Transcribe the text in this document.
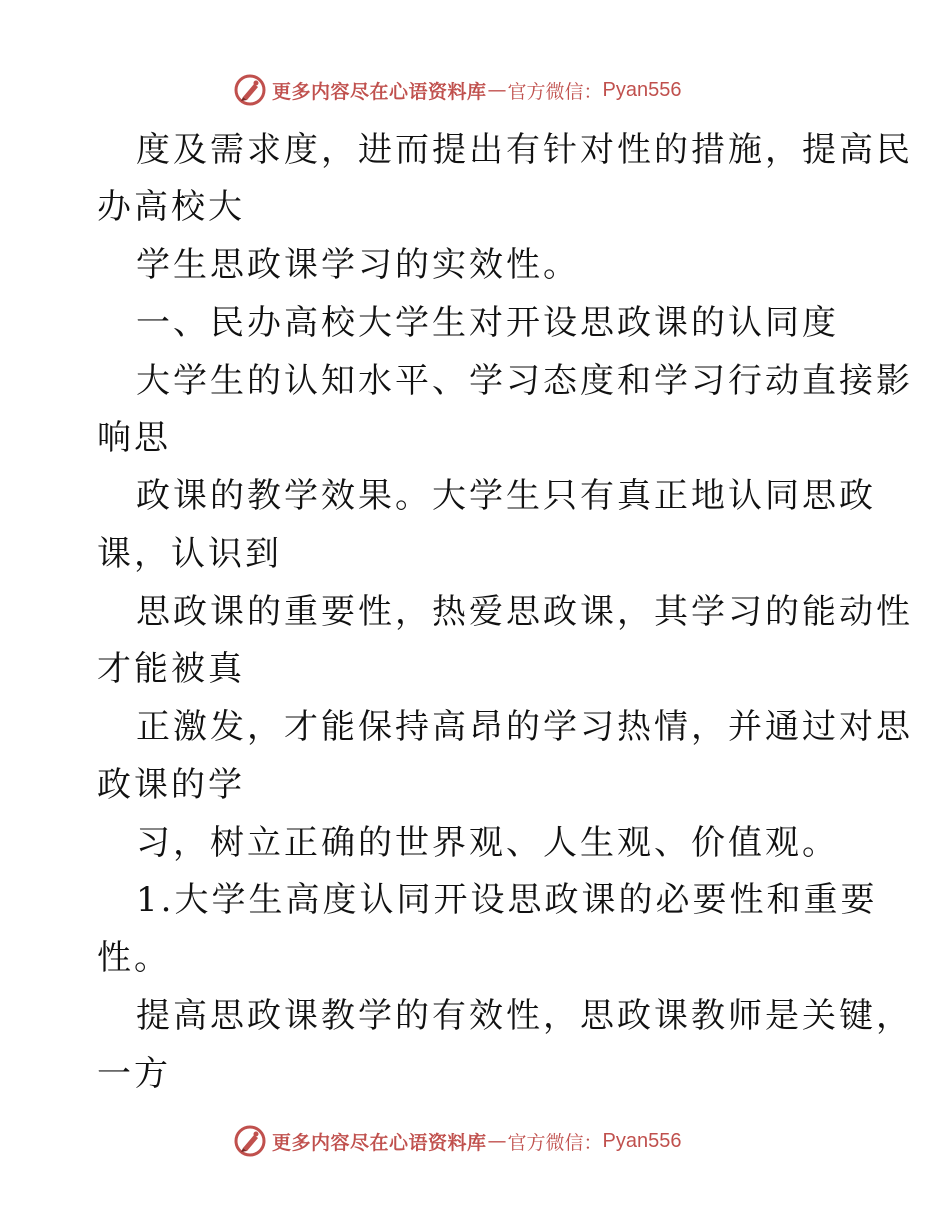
更多内容尽在心语资料库 — 官方微信： Pyan556
度及需求度，进而提出有针对性的措施，提高民
办高校大
学生思政课学习的实效性。
一、民办高校大学生对开设思政课的认同度
大学生的认知水平、学习态度和学习行动直接影
响思
政课的教学效果。大学生只有真正地认同思政
课，认识到
思政课的重要性，热爱思政课，其学习的能动性
才能被真
正激发，才能保持高昂的学习热情，并通过对思
政课的学
习，树立正确的世界观、人生观、价值观。
1.大学生高度认同开设思政课的必要性和重要
性。
提高思政课教学的有效性，思政课教师是关键，
一方
更多内容尽在心语资料库 — 官方微信： Pyan556
